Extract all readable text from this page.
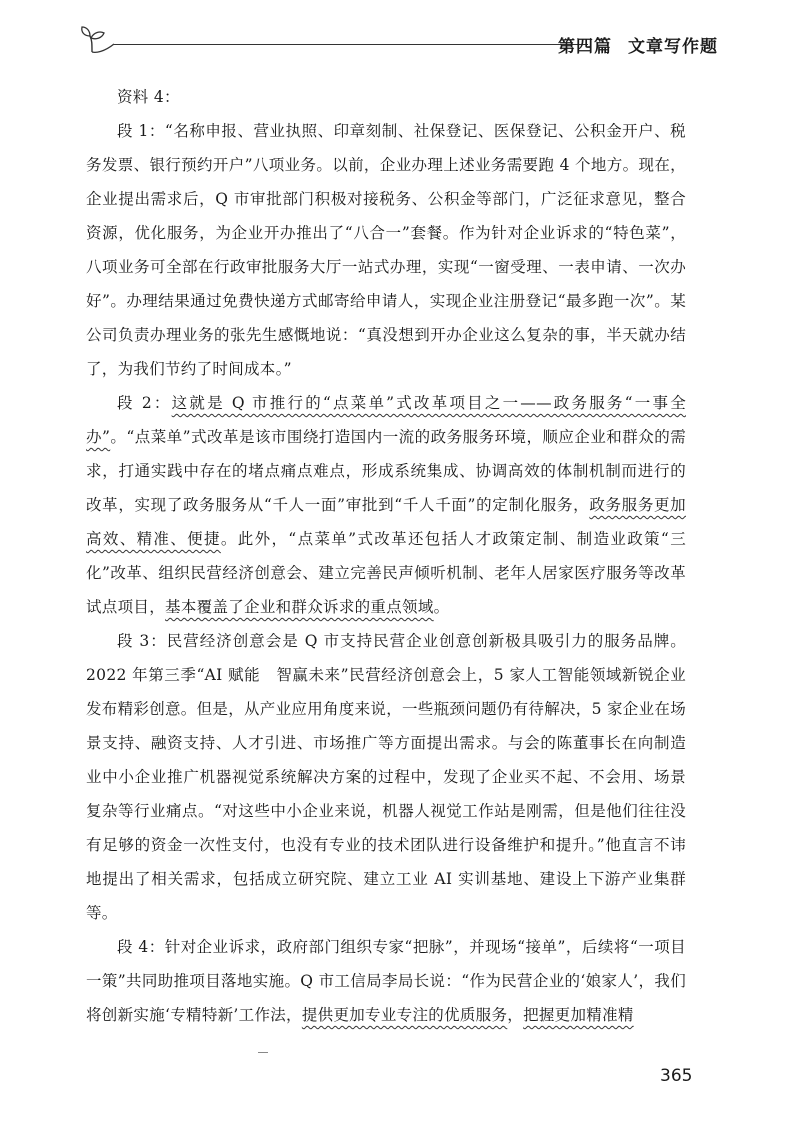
第四篇 文章写作题

资料 4：

段 1：“名称申报、营业执照、印章刻制、社保登记、医保登记、公积金开户、税务发票、银行预约开户”八项业务。以前，企业办理上述业务需要跑 4 个地方。现在，企业提出需求后，Q 市审批部门积极对接税务、公积金等部门，广泛征求意见，整合资源，优化服务，为企业开办推出了“八合一”套餐。作为针对企业诉求的“特色菜”，八项业务可全部在行政审批服务大厅一站式办理，实现“一窗受理、一表申请、一次办好”。办理结果通过免费快递方式邮寄给申请人，实现企业注册登记“最多跑一次”。某公司负责办理业务的张先生感慨地说：“真没想到开办企业这么复杂的事，半天就办结了，为我们节约了时间成本。”

段 2：这就是 Q 市推行的“点菜单”式改革项目之一——政务服务“一事全办”。“点菜单”式改革是该市围绕打造国内一流的政务服务环境，顺应企业和群众的需求，打通实践中存在的堵点痛点难点，形成系统集成、协调高效的体制机制而进行的改革，实现了政务服务从“千人一面”审批到“千人千面”的定制化服务，政务服务更加高效、精准、便捷。此外，“点菜单”式改革还包括人才政策定制、制造业政策“三化”改革、组织民营经济创意会、建立完善民声倾听机制、老年人居家医疗服务等改革试点项目，基本覆盖了企业和群众诉求的重点领域。

段 3：民营经济创意会是 Q 市支持民营企业创意创新极具吸引力的服务品牌。2022 年第三季“AI 赋能　智赢未来”民营经济创意会上，5 家人工智能领域新锐企业发布精彩创意。但是，从产业应用角度来说，一些瓶颈问题仍有待解决，5 家企业在场景支持、融资支持、人才引进、市场推广等方面提出需求。与会的陈董事长在向制造业中小企业推广机器视觉系统解决方案的过程中，发现了企业买不起、不会用、场景复杂等行业痛点。“对这些中小企业来说，机器人视觉工作站是刚需，但是他们往往没有足够的资金一次性支付，也没有专业的技术团队进行设备维护和提升。”他直言不讳地提出了相关需求，包括成立研究院、建立工业 AI 实训基地、建设上下游产业集群等。

段 4：针对企业诉求，政府部门组织专家“把脉”，并现场“接单”，后续将“一项目一策”共同助推项目落地实施。Q 市工信局李局长说：“作为民营企业的‘娘家人’，我们将创新实施‘专精特新’工作法，提供更加专业专注的优质服务，把握更加精准精

365
